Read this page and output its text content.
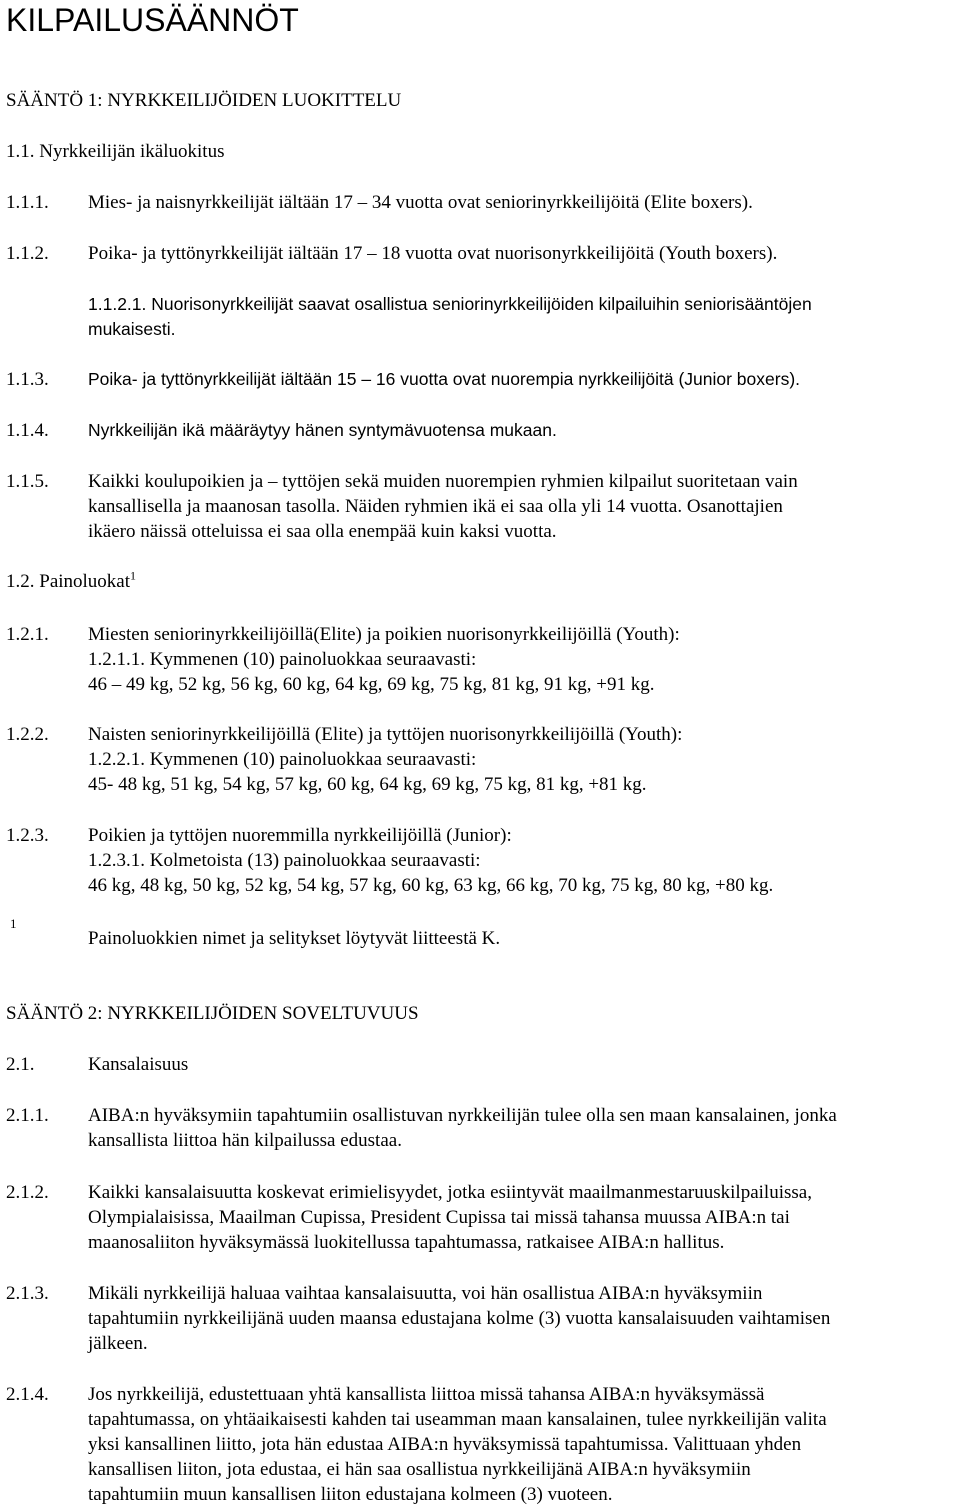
KILPAILUSÄÄNNÖT
SÄÄNTÖ 1: NYRKKEILIJÖIDEN LUOKITTELU
1.1. Nyrkkeilijän ikäluokitus
1.1.1. Mies- ja naisnyrkkeilijät iältään 17 – 34 vuotta ovat seniorinyrkkeilijöitä (Elite boxers).
1.1.2. Poika- ja tyttönyrkkeilijät iältään 17 – 18 vuotta ovat nuorisonyrkkeilijöitä (Youth boxers).
1.1.2.1. Nuorisonyrkkeilijät saavat osallistua seniorinyrkkeilijöiden kilpailuihin seniorisääntöjen
mukaisesti.
1.1.3. Poika- ja tyttönyrkkeilijät iältään 15 – 16 vuotta ovat nuorempia nyrkkeilijöitä (Junior boxers).
1.1.4. Nyrkkeilijän ikä määräytyy hänen syntymävuotensa mukaan.
1.1.5. Kaikki koulupoikien ja – tyttöjen sekä muiden nuorempien ryhmien kilpailut suoritetaan vain
kansallisella ja maanosan tasolla. Näiden ryhmien ikä ei saa olla yli 14 vuotta. Osanottajien
ikäero näissä otteluissa ei saa olla enempää kuin kaksi vuotta.
1.2. Painoluokat$^1$
1.2.1. Miesten seniorinyrkkeilijöillä(Elite) ja poikien nuorisonyrkkeilijöillä (Youth):
1.2.1.1. Kymmenen (10) painoluokkaa seuraavasti:
46 – 49 kg, 52 kg, 56 kg, 60 kg, 64 kg, 69 kg, 75 kg, 81 kg, 91 kg, +91 kg.
1.2.2. Naisten seniorinyrkkeilijöillä (Elite) ja tyttöjen nuorisonyrkkeilijöillä (Youth):
1.2.2.1. Kymmenen (10) painoluokkaa seuraavasti:
45- 48 kg, 51 kg, 54 kg, 57 kg, 60 kg, 64 kg, 69 kg, 75 kg, 81 kg, +81 kg.
1.2.3. Poikien ja tyttöjen nuoremmilla nyrkkeilijöillä (Junior):
1.2.3.1. Kolmetoista (13) painoluokkaa seuraavasti:
46 kg, 48 kg, 50 kg, 52 kg, 54 kg, 57 kg, 60 kg, 63 kg, 66 kg, 70 kg, 75 kg, 80 kg, +80 kg.
1
Painoluokkien nimet ja selitykset löytyvät liitteestä K.
SÄÄNTÖ 2: NYRKKEILIJÖIDEN SOVELTUVUUS
2.1.	Kansalaisuus
2.1.1. AIBA:n hyväksymiin tapahtumiin osallistuvan nyrkkeilijän tulee olla sen maan kansalainen, jonka
kansallista liittoa hän kilpailussa edustaa.
2.1.2. Kaikki kansalaisuutta koskevat erimielisyydet, jotka esiintyvät maailmanmestaruuskilpailuissa,
Olympialaisissa, Maailman Cupissa, President Cupissa tai missä tahansa muussa AIBA:n tai
maanosaliiton hyväksymässä luokitellussa tapahtumassa, ratkaisee AIBA:n hallitus.
2.1.3. Mikäli nyrkkeilijä haluaa vaihtaa kansalaisuutta, voi hän osallistua AIBA:n hyväksymiin
tapahtumiin nyrkkeilijänä uuden maansa edustajana kolme (3) vuotta kansalaisuuden vaihtamisen
jälkeen.
2.1.4. Jos nyrkkeilijä, edustettuaan yhtä kansallista liittoa missä tahansa AIBA:n hyväksymässä
tapahtumassa, on yhtäaikaisesti kahden tai useamman maan kansalainen, tulee nyrkkeilijän valita
yksi kansallinen liitto, jota hän edustaa AIBA:n hyväksymissä tapahtumissa. Valittuaan yhden
kansallisen liiton, jota edustaa, ei hän saa osallistua nyrkkeilijänä AIBA:n hyväksymiin
tapahtumiin muun kansallisen liiton edustajana kolmeen (3) vuoteen.
